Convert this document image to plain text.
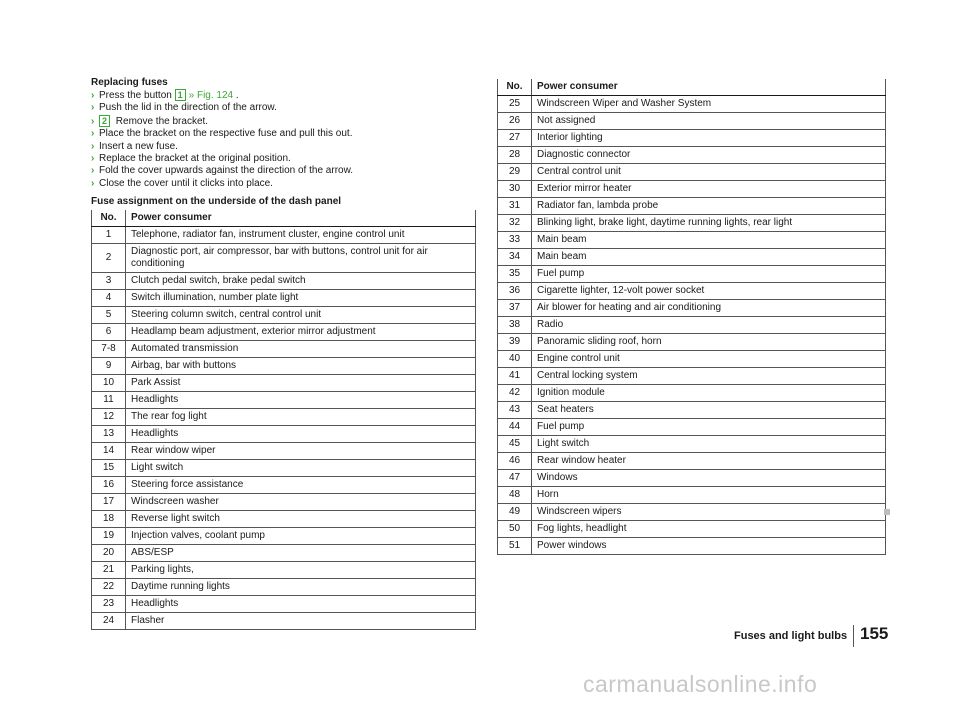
Replacing fuses
› Press the button 1 » Fig. 124 .
› Push the lid in the direction of the arrow.
› 2 Remove the bracket.
› Place the bracket on the respective fuse and pull this out.
› Insert a new fuse.
› Replace the bracket at the original position.
› Fold the cover upwards against the direction of the arrow.
› Close the cover until it clicks into place.
Fuse assignment on the underside of the dash panel
No.	Power consumer
1	Telephone, radiator fan, instrument cluster, engine control unit
2	Diagnostic port, air compressor, bar with buttons, control unit for air conditioning
3	Clutch pedal switch, brake pedal switch
4	Switch illumination, number plate light
5	Steering column switch, central control unit
6	Headlamp beam adjustment, exterior mirror adjustment
7-8	Automated transmission
9	Airbag, bar with buttons
10	Park Assist
11	Headlights
12	The rear fog light
13	Headlights
14	Rear window wiper
15	Light switch
16	Steering force assistance
17	Windscreen washer
18	Reverse light switch
19	Injection valves, coolant pump
20	ABS/ESP
21	Parking lights,
22	Daytime running lights
23	Headlights
24	Flasher
No.	Power consumer
25	Windscreen Wiper and Washer System
26	Not assigned
27	Interior lighting
28	Diagnostic connector
29	Central control unit
30	Exterior mirror heater
31	Radiator fan, lambda probe
32	Blinking light, brake light, daytime running lights, rear light
33	Main beam
34	Main beam
35	Fuel pump
36	Cigarette lighter, 12-volt power socket
37	Air blower for heating and air conditioning
38	Radio
39	Panoramic sliding roof, horn
40	Engine control unit
41	Central locking system
42	Ignition module
43	Seat heaters
44	Fuel pump
45	Light switch
46	Rear window heater
47	Windows
48	Horn
49	Windscreen wipers
50	Fog lights, headlight
51	Power windows
Fuses and light bulbs 155
carmanualsonline.info
